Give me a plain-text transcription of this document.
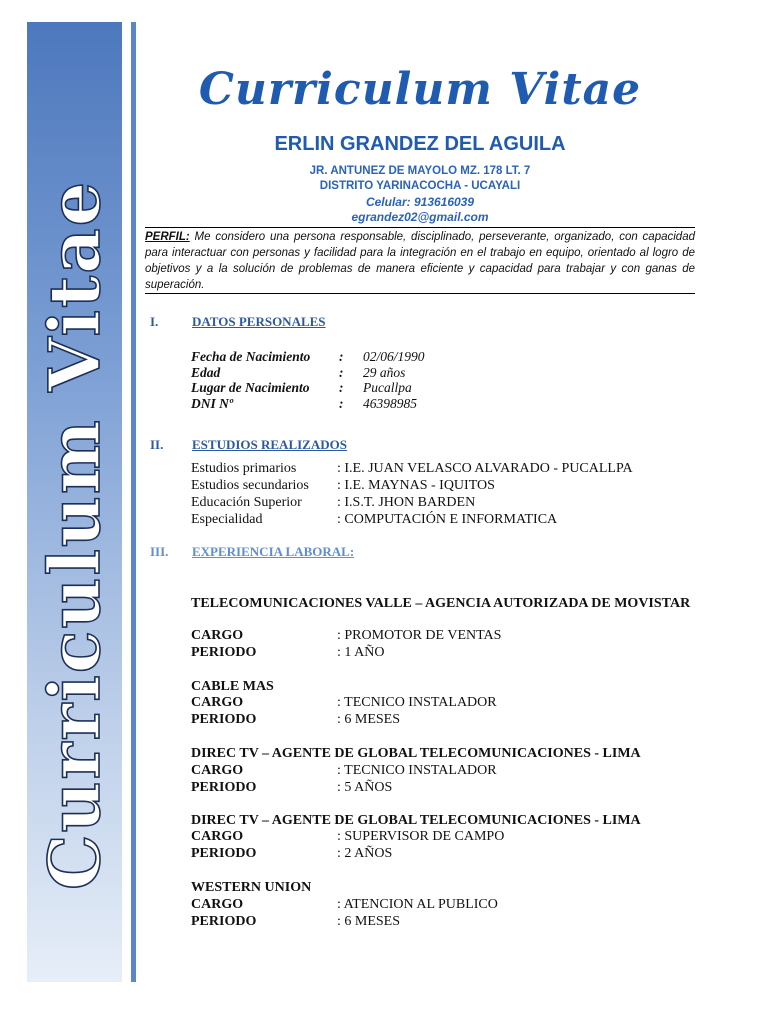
Curriculum Vitae
Curriculum Vitae
ERLIN GRANDEZ DEL AGUILA
JR. ANTUNEZ DE MAYOLO MZ. 178 LT. 7
DISTRITO YARINACOCHA - UCAYALI
Celular: 913616039
egrandez02@gmail.com
PERFIL: Me considero una persona responsable, disciplinado, perseverante, organizado, con capacidad para interactuar con personas y facilidad para la integración en el trabajo en equipo, orientado al logro de objetivos y a la solución de problemas de manera eficiente y capacidad para trabajar y con ganas de superación.
I.	DATOS PERSONALES
Fecha de Nacimiento : 02/06/1990
Edad	: 29 años
Lugar de Nacimiento : Pucallpa
DNI Nº	: 46398985
II. ESTUDIOS REALIZADOS
Estudios primarios	: I.E. JUAN VELASCO ALVARADO - PUCALLPA
Estudios secundarios : I.E. MAYNAS - IQUITOS
Educación Superior	: I.S.T. JHON BARDEN
Especialidad	: COMPUTACIÓN E INFORMATICA
III. EXPERIENCIA LABORAL:
TELECOMUNICACIONES VALLE – AGENCIA AUTORIZADA DE MOVISTAR
CARGO	: PROMOTOR DE VENTAS
PERIODO	: 1 AÑO
CABLE MAS
CARGO	: TECNICO INSTALADOR
PERIODO	: 6 MESES
DIREC TV – AGENTE DE GLOBAL TELECOMUNICACIONES - LIMA
CARGO	: TECNICO INSTALADOR
PERIODO	: 5 AÑOS
DIREC TV – AGENTE DE GLOBAL TELECOMUNICACIONES - LIMA
CARGO	: SUPERVISOR DE CAMPO
PERIODO	: 2 AÑOS
WESTERN UNION
CARGO	: ATENCION AL PUBLICO
PERIODO	: 6 MESES
